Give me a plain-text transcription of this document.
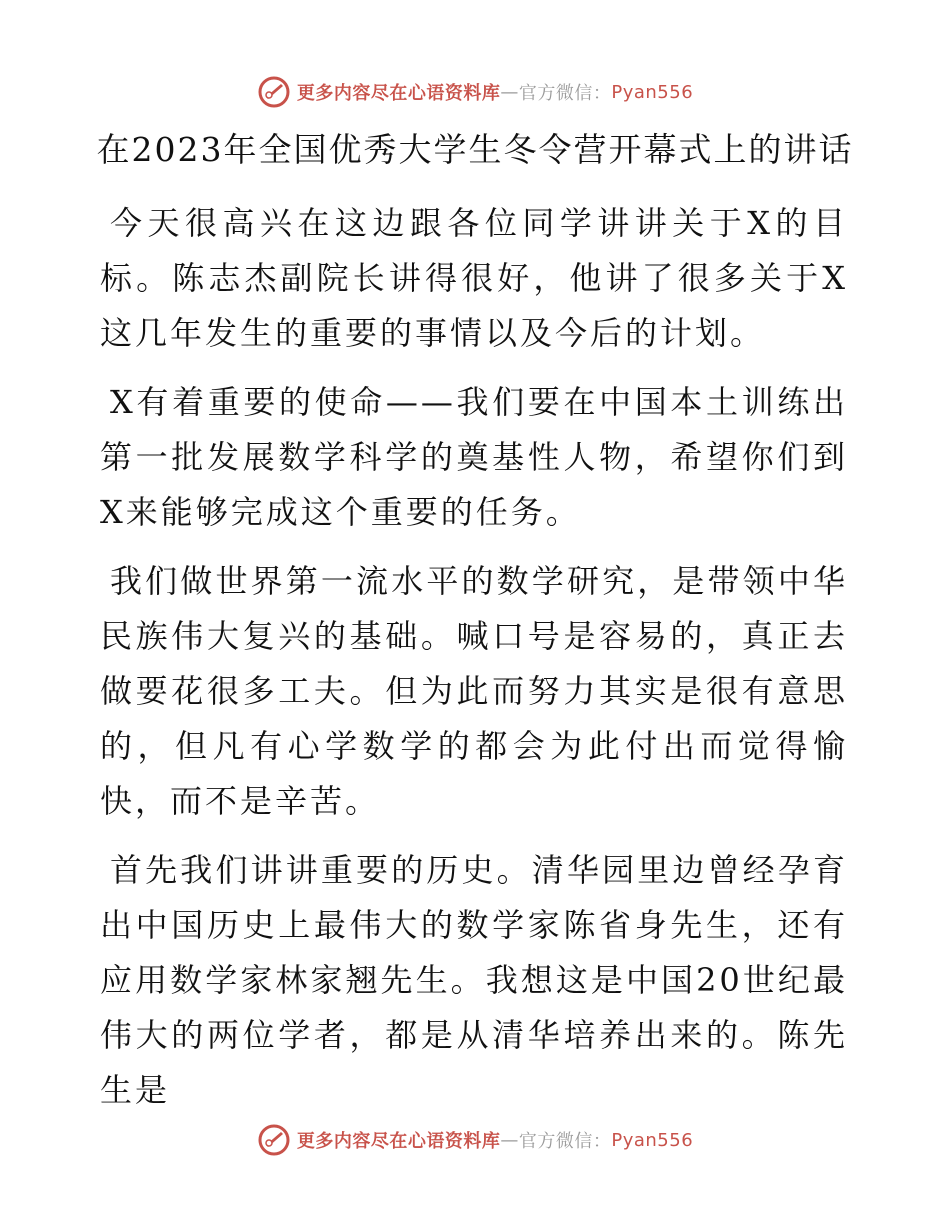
更多内容尽在心语资料库 — 官方微信： Pyan556
在2023年全国优秀大学生冬令营开幕式上的讲话

今天很高兴在这边跟各位同学讲讲关于X的目标。陈志杰副院长讲得很好，他讲了很多关于X这几年发生的重要的事情以及今后的计划。

X有着重要的使命——我们要在中国本土训练出第一批发展数学科学的奠基性人物，希望你们到X来能够完成这个重要的任务。

我们做世界第一流水平的数学研究，是带领中华民族伟大复兴的基础。喊口号是容易的，真正去做要花很多工夫。但为此而努力其实是很有意思的，但凡有心学数学的都会为此付出而觉得愉快，而不是辛苦。

首先我们讲讲重要的历史。清华园里边曾经孕育出中国历史上最伟大的数学家陈省身先生，还有应用数学家林家翘先生。我想这是中国20世纪最伟大的两位学者，都是从清华培养出来的。陈先生是

更多内容尽在心语资料库 — 官方微信： Pyan556
